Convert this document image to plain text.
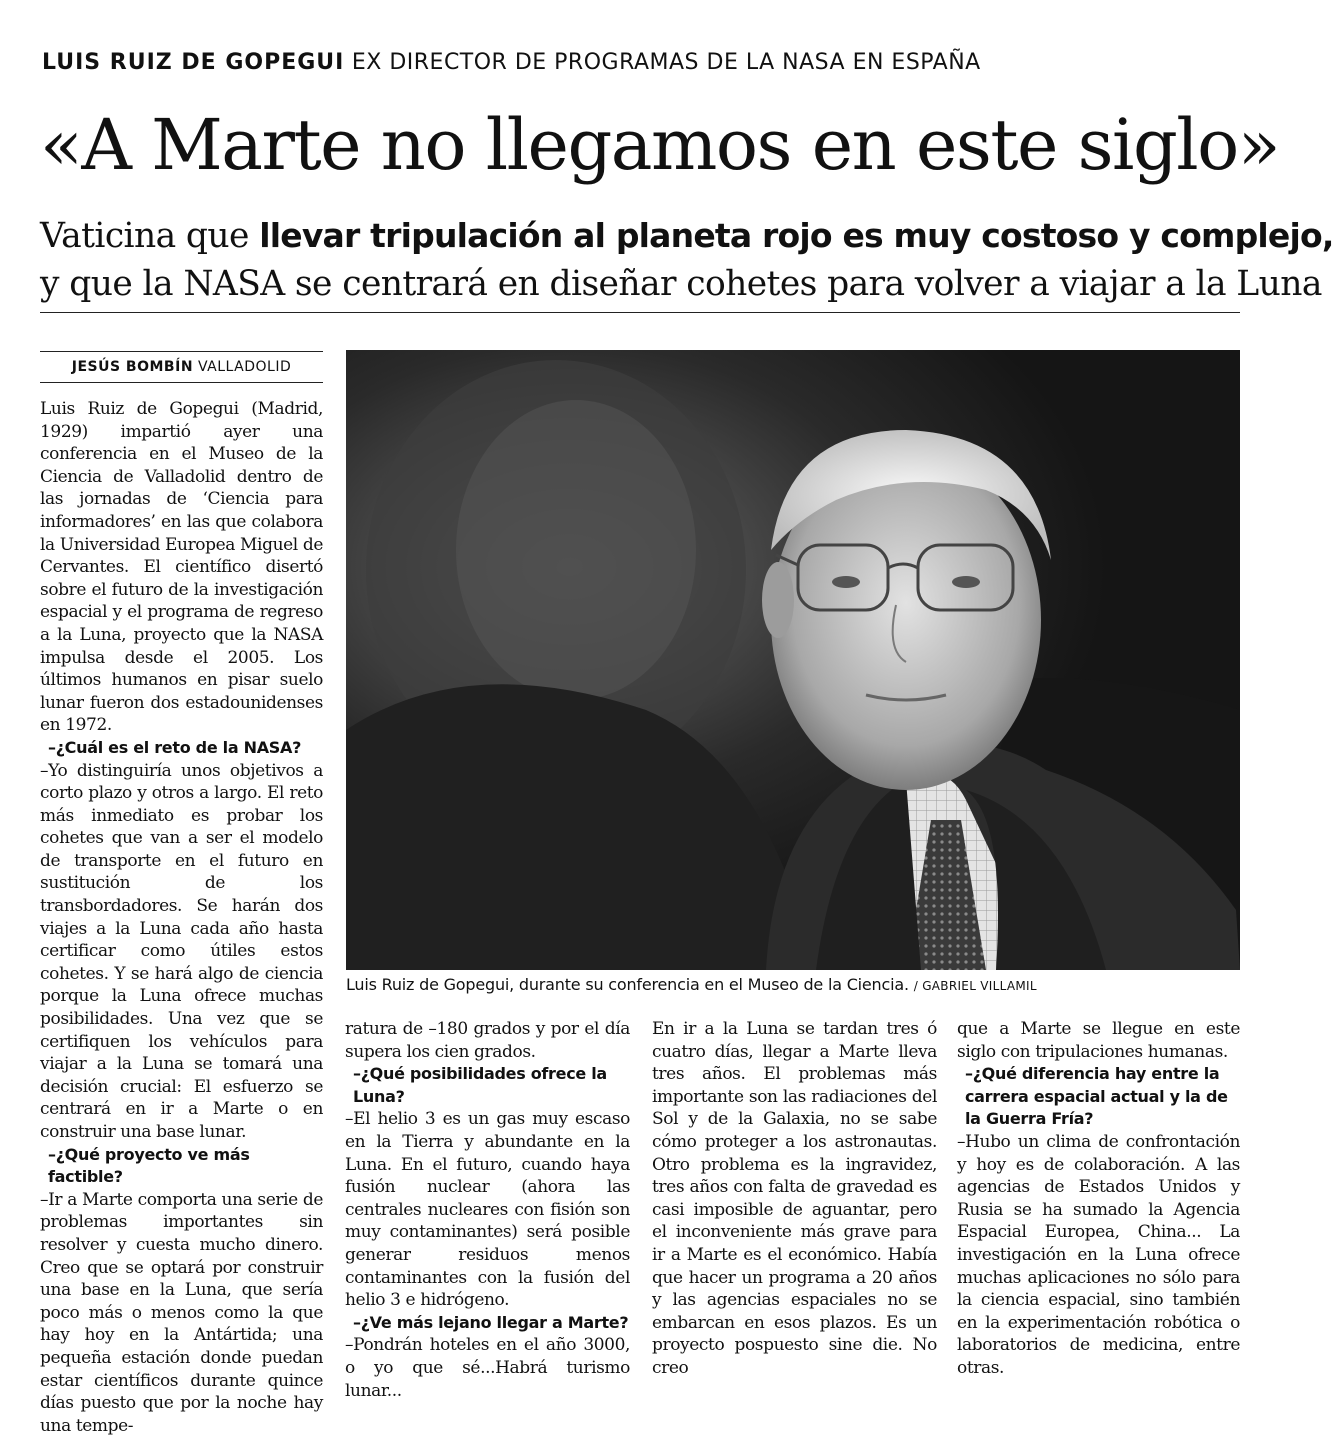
LUIS RUIZ DE GOPEGUI EX DIRECTOR DE PROGRAMAS DE LA NASA EN ESPAÑA
«A Marte no llegamos en este siglo»
Vaticina que llevar tripulación al planeta rojo es muy costoso y complejo,
y que la NASA se centrará en diseñar cohetes para volver a viajar a la Luna
JESÚS BOMBÍN VALLADOLID
Luis Ruiz de Gopegui, durante su conferencia en el Museo de la Ciencia. / GABRIEL VILLAMIL

Luis Ruiz de Gopegui (Madrid, 1929) impartió ayer una conferencia en el Museo de la Ciencia de Valladolid dentro de las jornadas de ‘Ciencia para informadores’ en las que colabora la Universidad Europea Miguel de Cervantes. El científico disertó sobre el futuro de la investigación espacial y el programa de regreso a la Luna, proyecto que la NASA impulsa desde el 2005. Los últimos humanos en pisar suelo lunar fueron dos estadounidenses en 1972.

–¿Cuál es el reto de la NASA?

–Yo distinguiría unos objetivos a corto plazo y otros a largo. El reto más inmediato es probar los cohetes que van a ser el modelo de transporte en el futuro en sustitución de los transbordadores. Se harán dos viajes a la Luna cada año hasta certificar como útiles estos cohetes. Y se hará algo de ciencia porque la Luna ofrece muchas posibilidades. Una vez que se certifiquen los vehículos para viajar a la Luna se tomará una decisión crucial: El esfuerzo se centrará en ir a Marte o en construir una base lunar.

–¿Qué proyecto ve más factible?

–Ir a Marte comporta una serie de problemas importantes sin resolver y cuesta mucho dinero. Creo que se optará por construir una base en la Luna, que sería poco más o menos como la que hay hoy en la Antártida; una pequeña estación donde puedan estar científicos durante quince días puesto que por la noche hay una tempe-

ratura de –180 grados y por el día supera los cien grados.

–¿Qué posibilidades ofrece la Luna?

–El helio 3 es un gas muy escaso en la Tierra y abundante en la Luna. En el futuro, cuando haya fusión nuclear (ahora las centrales nucleares con fisión son muy contaminantes) será posible generar residuos menos contaminantes con la fusión del helio 3 e hidrógeno.

–¿Ve más lejano llegar a Marte?

–Pondrán hoteles en el año 3000, o yo que sé...Habrá turismo lunar...

En ir a la Luna se tardan tres ó cuatro días, llegar a Marte lleva tres años. El problemas más importante son las radiaciones del Sol y de la Galaxia, no se sabe cómo proteger a los astronautas. Otro problema es la ingravidez, tres años con falta de gravedad es casi imposible de aguantar, pero el inconveniente más grave para ir a Marte es el económico. Había que hacer un programa a 20 años y las agencias espaciales no se embarcan en esos plazos. Es un proyecto pospuesto sine die. No creo

que a Marte se llegue en este siglo con tripulaciones humanas.

–¿Qué diferencia hay entre la carrera espacial actual y la de la Guerra Fría?

–Hubo un clima de confrontación y hoy es de colaboración. A las agencias de Estados Unidos y Rusia se ha sumado la Agencia Espacial Europea, China... La investigación en la Luna ofrece muchas aplicaciones no sólo para la ciencia espacial, sino también en la experimentación robótica o laboratorios de medicina, entre otras.
